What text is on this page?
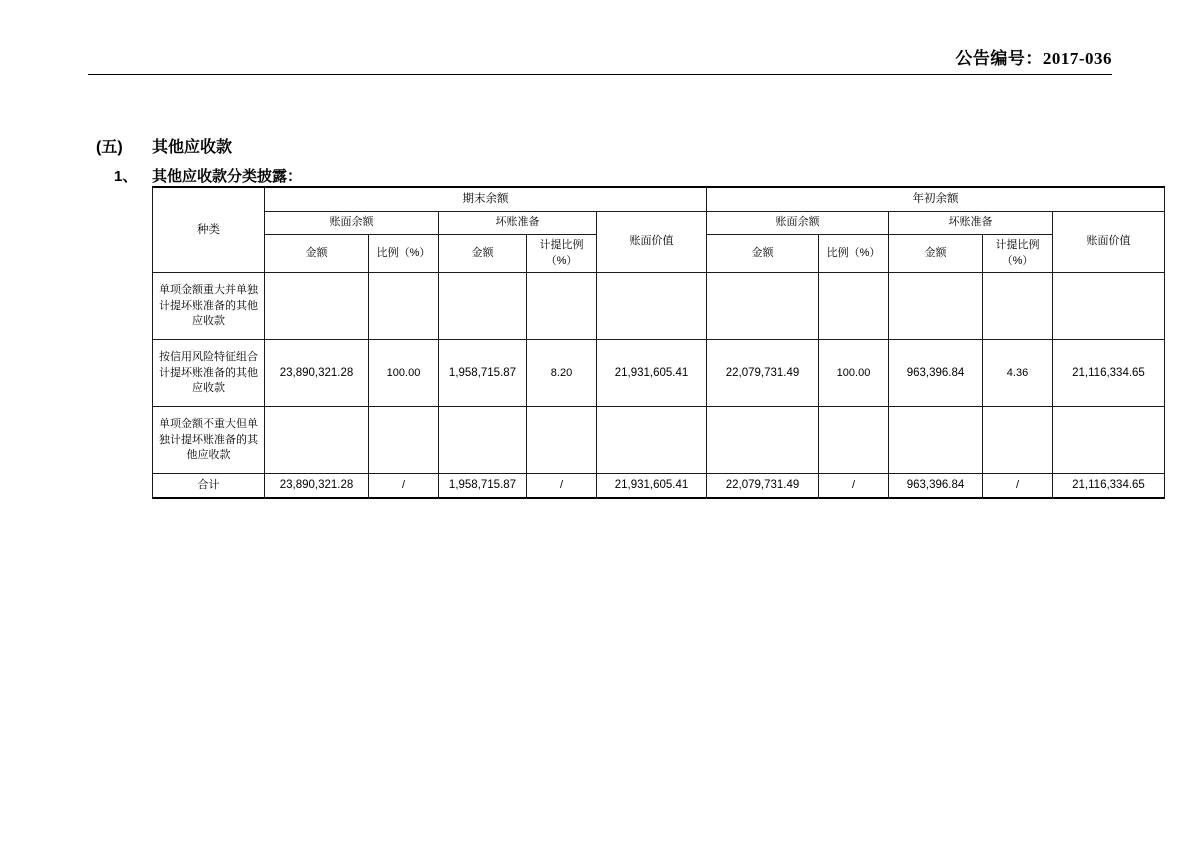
公告编号：2017-036
(五) 其他应收款
1、 其他应收款分类披露：
种类	期末余额					年初余额				
	账面余额		坏账准备		账面价值	账面余额		坏账准备		账面价值
	金额	比例（%）	金额	计提比例（%）		金额	比例（%）	金额	计提比例（%）	
单项金额重大并单独计提坏账准备的其他应收款										
按信用风险特征组合计提坏账准备的其他应收款	23,890,321.28	100.00	1,958,715.87	8.20	21,931,605.41	22,079,731.49	100.00	963,396.84	4.36	21,116,334.65
单项金额不重大但单独计提坏账准备的其他应收款										
合计	23,890,321.28	/	1,958,715.87	/	21,931,605.41	22,079,731.49	/	963,396.84	/	21,116,334.65
